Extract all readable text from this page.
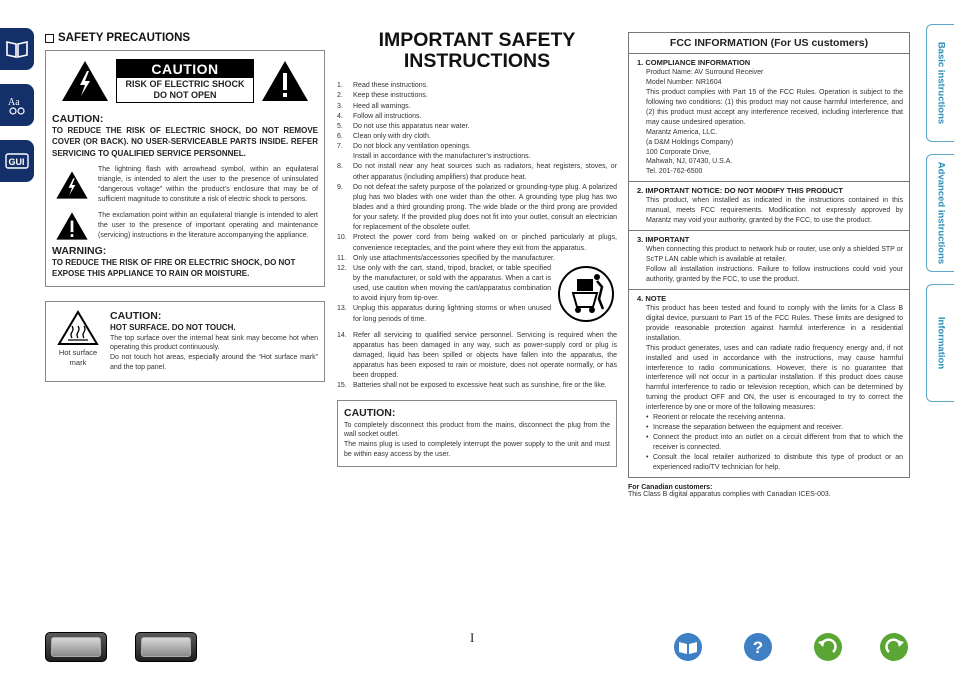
Aa
GUI
Basic instructions
Advanced instructions
Information
SAFETY PRECAUTIONS
CAUTION
RISK OF ELECTRIC SHOCK
DO NOT OPEN
CAUTION:
TO REDUCE THE RISK OF ELECTRIC SHOCK, DO NOT REMOVE COVER (OR BACK). NO USER-SERVICEABLE PARTS INSIDE. REFER SERVICING TO QUALIFIED SERVICE PERSONNEL.

The lightning flash with arrowhead symbol, within an equilateral triangle, is intended to alert the user to the presence of uninsulated “dangerous voltage” within the product’s enclosure that may be of sufficient magnitude to constitute a risk of electric shock to persons.

The exclamation point within an equilateral triangle is intended to alert the user to the presence of important operating and maintenance (servicing) instructions in the literature accompanying the appliance.

WARNING:
TO REDUCE THE RISK OF FIRE OR ELECTRIC SHOCK, DO NOT EXPOSE THIS APPLIANCE TO RAIN OR MOISTURE.
Hot surface mark
CAUTION:
HOT SURFACE. DO NOT TOUCH.

The top surface over the internal heat sink may become hot when operating this product continuously.

Do not touch hot areas, especially around the “Hot surface mark” and the top panel.

IMPORTANT SAFETY
INSTRUCTIONS
1.	Read these instructions.
2.	Keep these instructions.
3.	Heed all warnings.
4.	Follow all instructions.
5.	Do not use this apparatus near water.
6.	Clean only with dry cloth.
7.	Do not block any ventilation openings.
Install in accordance with the manufacturer’s instructions.
8.	Do not install near any heat sources such as radiators, heat registers, stoves, or other apparatus (including amplifiers) that produce heat.
9.	Do not defeat the safety purpose of the polarized or grounding-type plug. A polarized plug has two blades with one wider than the other. A grounding type plug has two blades and a third grounding prong. The wide blade or the third prong are provided for your safety. If the provided plug does not fit into your outlet, consult an electrician for replacement of the obsolete outlet.
10. Protect the power cord from being walked on or pinched particularly at plugs, convenience receptacles, and the point where they exit from the apparatus.
11. Only use attachments/accessories specified by the manufacturer.
12. Use only with the cart, stand, tripod, bracket, or table specified by the manufacturer, or sold with the apparatus. When a cart is used, use caution when moving the cart/apparatus combination to avoid injury from tip-over.
13. Unplug this apparatus during lightning storms or when unused for long periods of time.
14. Refer all servicing to qualified service personnel. Servicing is required when the apparatus has been damaged in any way, such as power-supply cord or plug is damaged, liquid has been spilled or objects have fallen into the apparatus, the apparatus has been exposed to rain or moisture, does not operate normally, or has been dropped.
15. Batteries shall not be exposed to excessive heat such as sunshine, fire or the like.
CAUTION:

To completely disconnect this product from the mains, disconnect the plug from the wall socket outlet.

The mains plug is used to completely interrupt the power supply to the unit and must be within easy access by the user.

FCC INFORMATION (For US customers)
1. COMPLIANCE INFORMATION

Product Name: AV Surround Receiver

Model Number: NR1604

This product complies with Part 15 of the FCC Rules. Operation is subject to the following two conditions: (1) this product may not cause harmful interference, and (2) this product must accept any interference received, including interference that may cause undesired operation.

Marantz America, LLC.

(a D&M Holdings Company)

100 Corporate Drive,

Mahwah, NJ, 07430, U.S.A.

Tel. 201-762-6500

2. IMPORTANT NOTICE: DO NOT MODIFY THIS PRODUCT

This product, when installed as indicated in the instructions contained in this manual, meets FCC requirements. Modification not expressly approved by Marantz may void your authority, granted by the FCC, to use the product.

3. IMPORTANT

When connecting this product to network hub or router, use only a shielded STP or ScTP LAN cable which is available at retailer.

Follow all installation instructions. Failure to follow instructions could void your authority, granted by the FCC, to use the product.

4. NOTE

This product has been tested and found to comply with the limits for a Class B digital device, pursuant to Part 15 of the FCC Rules. These limits are designed to provide reasonable protection against harmful interference in a residential installation.

This product generates, uses and can radiate radio frequency energy and, if not installed and used in accordance with the instructions, may cause harmful interference to radio communications. However, there is no guarantee that interference will not occur in a particular installation. If this product does cause harmful interference to radio or television reception, which can be determined by turning the product OFF and ON, the user is encouraged to try to correct the interference by one or more of the following measures:

• Reorient or relocate the receiving antenna.
• Increase the separation between the equipment and receiver.
• Connect the product into an outlet on a circuit different from that to which the receiver is connected.
• Consult the local retailer authorized to distribute this type of product or an experienced radio/TV technician for help.
For Canadian customers:

This Class B digital apparatus complies with Canadian ICES-003.

I
?
